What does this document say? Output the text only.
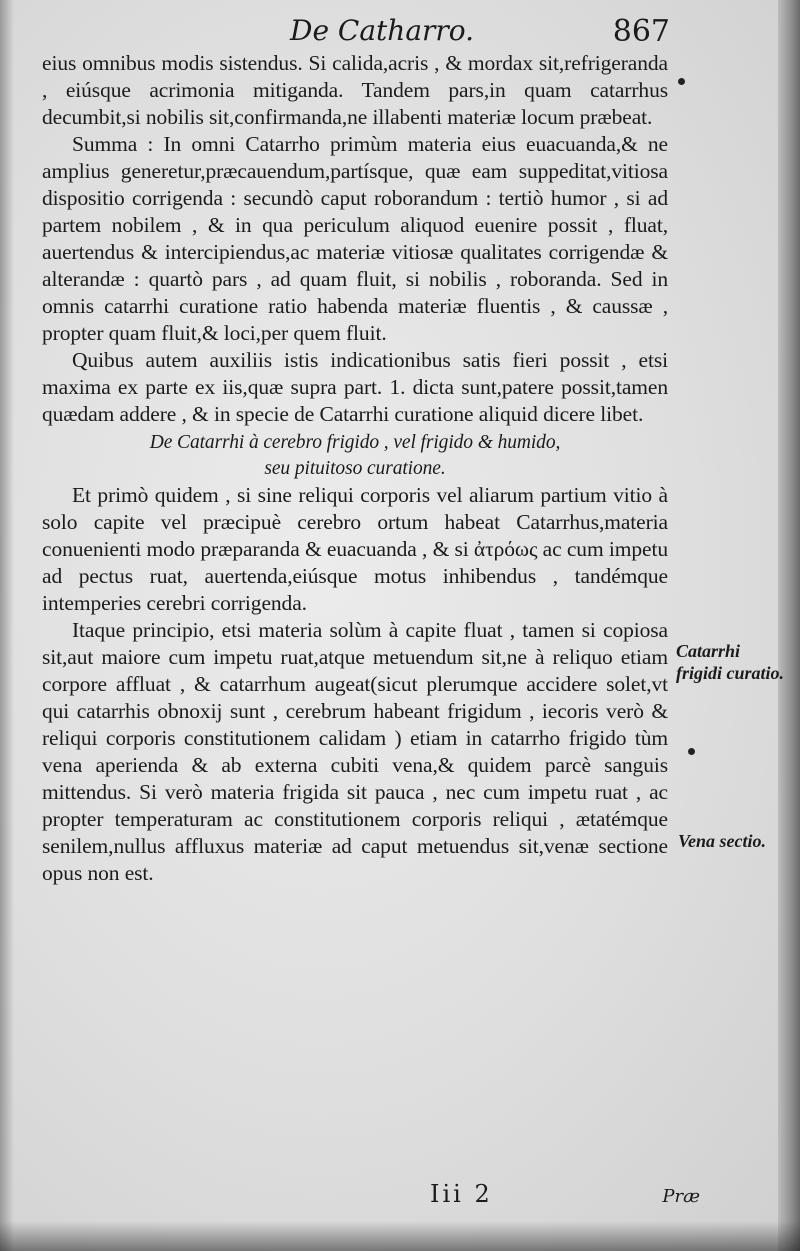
De Catharro.	867

eius omnibus modis sistendus. Si calida,acris , & mordax sit,refrigeranda , eiúsque acrimonia mitiganda. Tandem pars,in quam catarrhus decumbit,si nobilis sit,confirmanda,ne illabenti materiæ locum præbeat.

Summa : In omni Catarrho primùm materia eius euacuanda,& ne amplius generetur,præcauendum,partísque, quæ eam suppeditat,vitiosa dispositio corrigenda : secundò caput roborandum : tertiò humor , si ad partem nobilem , & in qua periculum aliquod euenire possit , fluat, auertendus & intercipiendus,ac materiæ vitiosæ qualitates corrigendæ & alterandæ : quartò pars , ad quam fluit, si nobilis , roboranda. Sed in omnis catarrhi curatione ratio habenda materiæ fluentis , & caussæ , propter quam fluit,& loci,per quem fluit.

Quibus autem auxiliis istis indicationibus satis fieri possit , etsi maxima ex parte ex iis,quæ supra part. 1. dicta sunt,patere possit,tamen quædam addere , & in specie de Catarrhi curatione aliquid dicere libet.

De Catarrhi à cerebro frigido , vel frigido & humido,
seu pituitoso curatione.

Et primò quidem , si sine reliqui corporis vel aliarum partium vitio à solo capite vel præcipuè cerebro ortum habeat Catarrhus,materia conuenienti modo præparanda & euacuanda , & si ἀτρόως ac cum impetu ad pectus ruat, auertenda,eiúsque motus inhibendus , tandémque intemperies cerebri corrigenda.

Itaque principio, etsi materia solùm à capite fluat , tamen si copiosa sit,aut maiore cum impetu ruat,atque metuendum sit,ne à reliquo etiam corpore affluat , & catarrhum augeat(sicut plerumque accidere solet,vt qui catarrhis obnoxij sunt , cerebrum habeant frigidum , iecoris verò & reliqui corporis constitutionem calidam ) etiam in catarrho frigido tùm vena aperienda & ab externa cubiti vena,& quidem parcè sanguis mittendus. Si verò materia frigida sit pauca , nec cum impetu ruat , ac propter temperaturam ac constitutionem corporis reliqui , ætatémque senilem,nullus affluxus materiæ ad caput metuendus sit,venæ sectione opus non est.

Catarrhi frigidi curatio.
Vena sectio.
Iii 2	Præ
